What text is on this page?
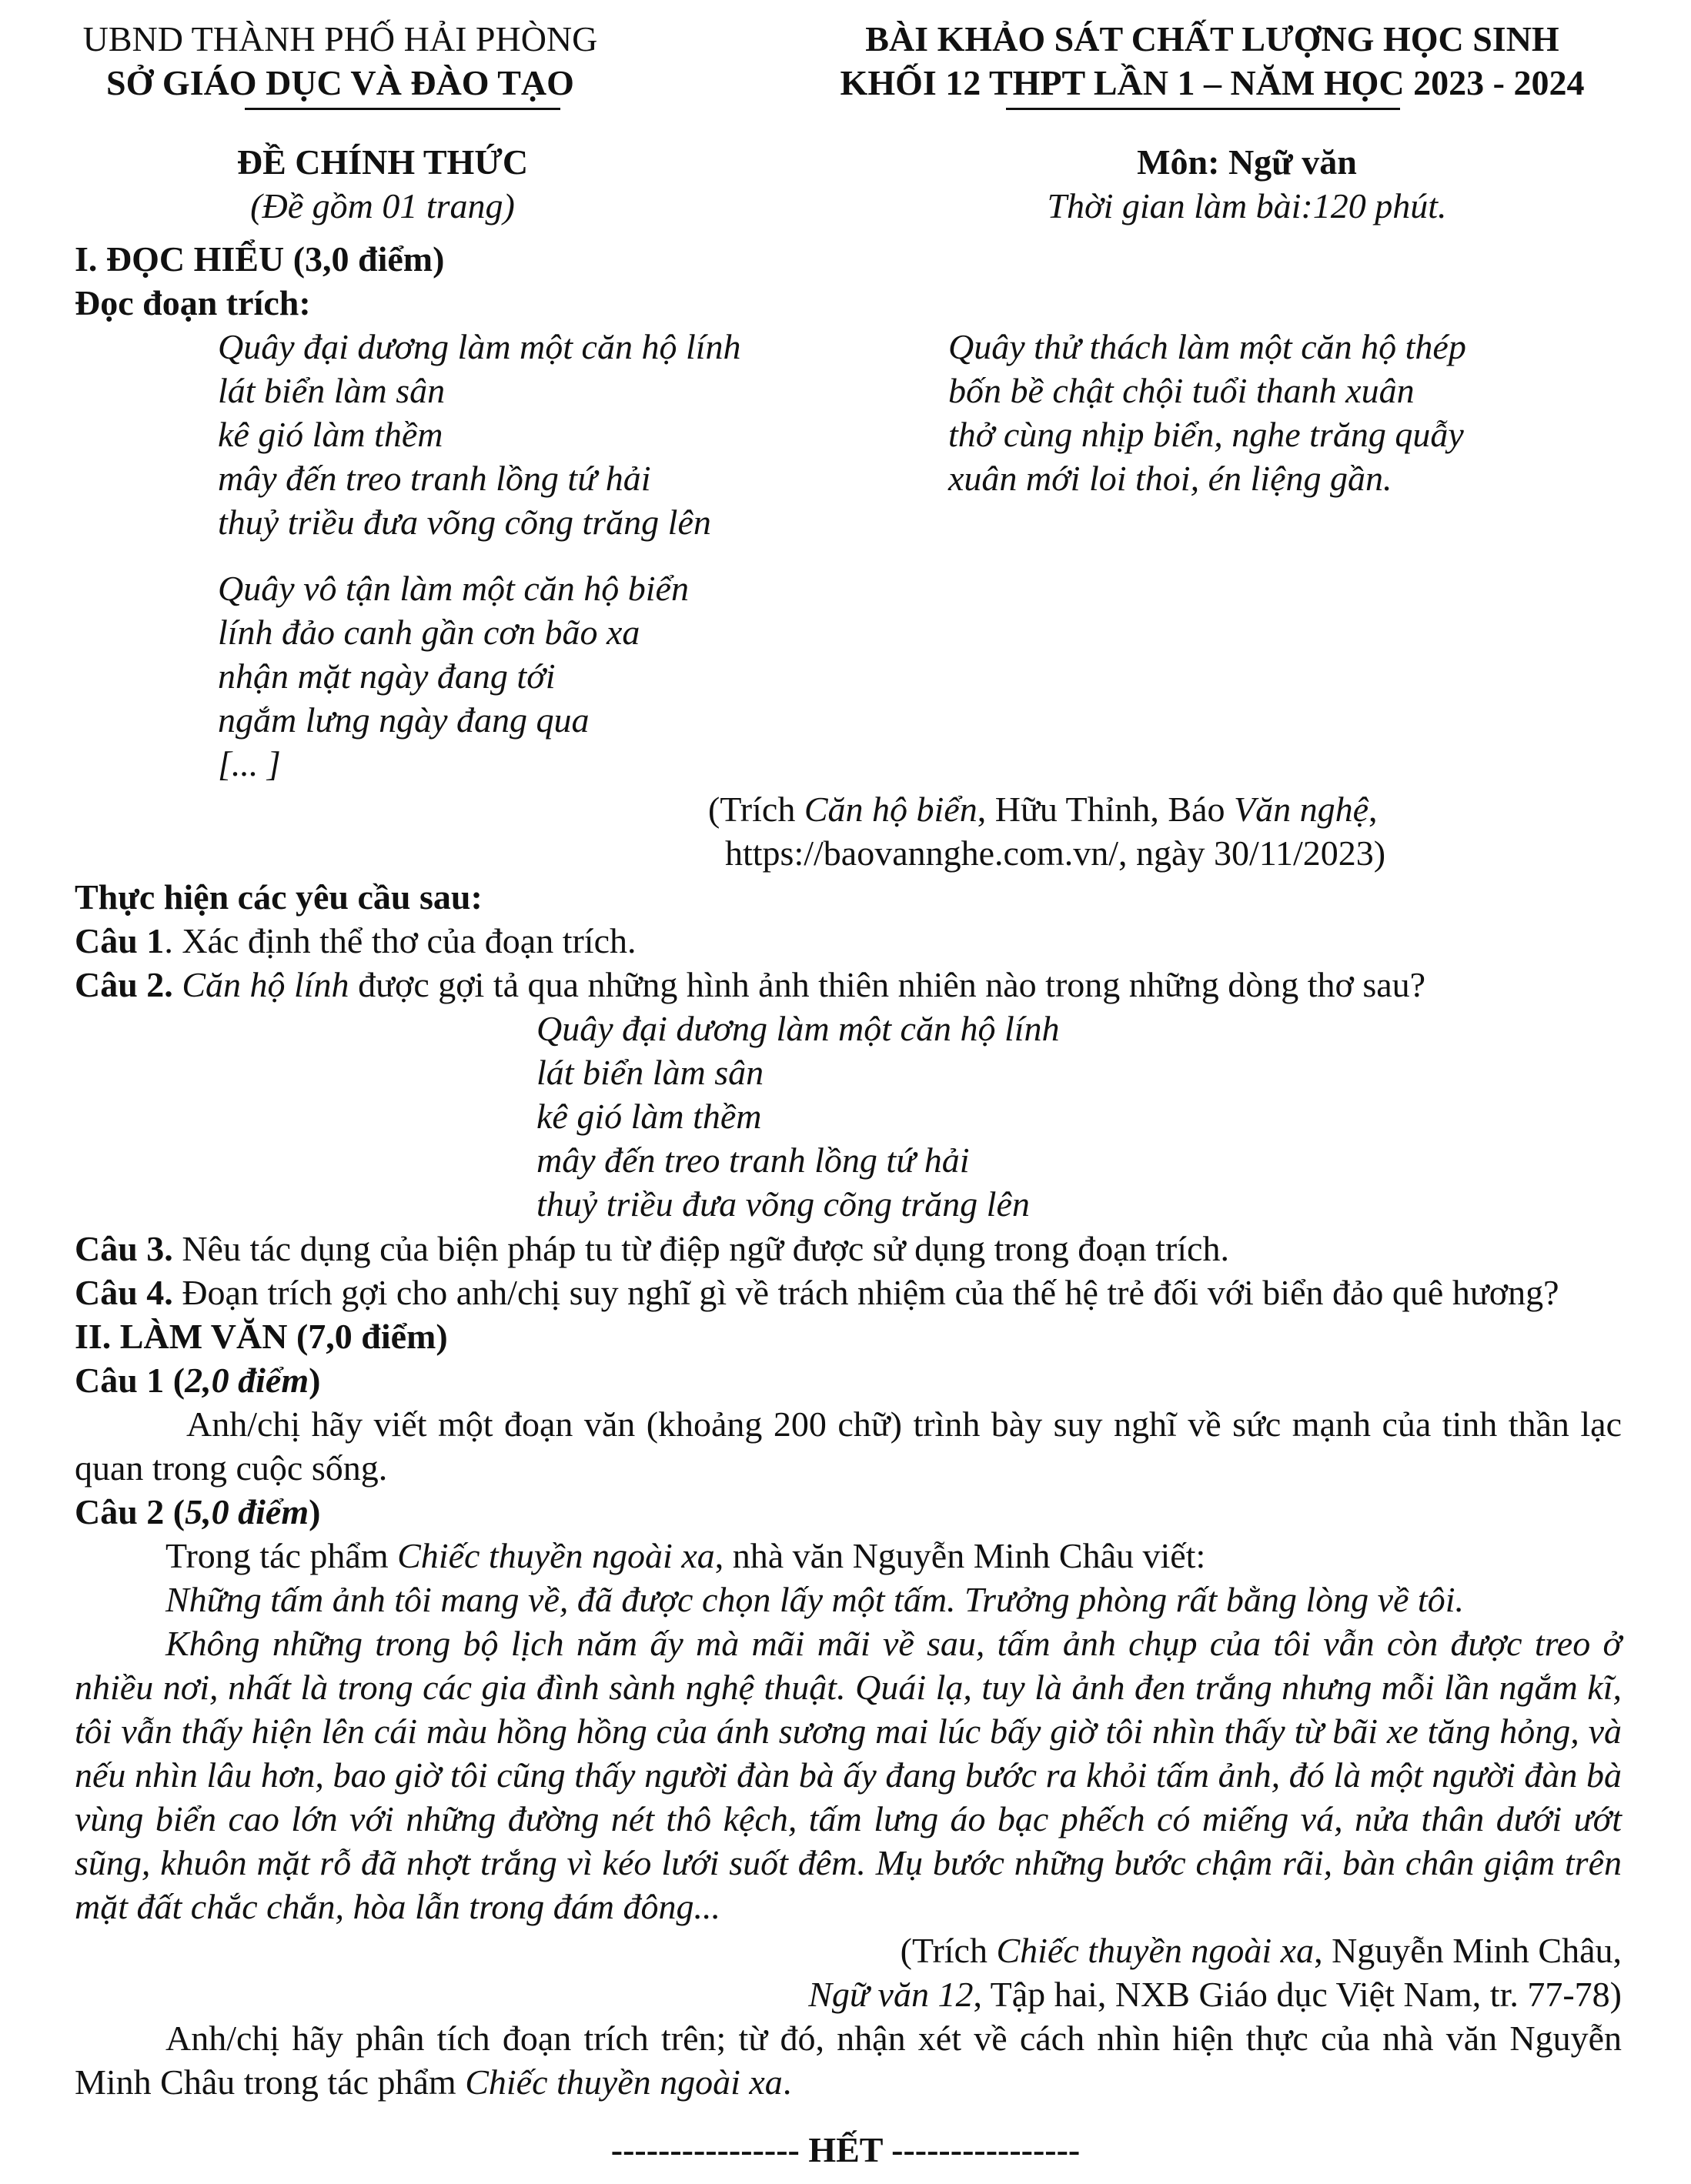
UBND THÀNH PHỐ HẢI PHÒNG
SỞ GIÁO DỤC VÀ ĐÀO TẠO
BÀI KHẢO SÁT CHẤT LƯỢNG HỌC SINH
KHỐI 12 THPT LẦN 1 – NĂM HỌC 2023 - 2024
ĐỀ CHÍNH THỨC
(Đề gồm 01 trang)
Môn: Ngữ văn
Thời gian làm bài:120 phút.
I. ĐỌC HIỂU (3,0 điểm)
Đọc đoạn trích:
Quây đại dương làm một căn hộ lính
lát biển làm sân
kê gió làm thềm
mây đến treo tranh lồng tứ hải
thuỷ triều đưa võng cõng trăng lên
Quây thử thách làm một căn hộ thép
bốn bề chật chội tuổi thanh xuân
thở cùng nhịp biển, nghe trăng quẫy
xuân mới loi thoi, én liệng gần.
Quây vô tận làm một căn hộ biển
lính đảo canh gần cơn bão xa
nhận mặt ngày đang tới
ngắm lưng ngày đang qua
[... ]
(Trích Căn hộ biển, Hữu Thỉnh, Báo Văn nghệ,
https://baovannghe.com.vn/, ngày 30/11/2023)
Thực hiện các yêu cầu sau:
Câu 1. Xác định thể thơ của đoạn trích.
Câu 2. Căn hộ lính được gợi tả qua những hình ảnh thiên nhiên nào trong những dòng thơ sau?
Quây đại dương làm một căn hộ lính
lát biển làm sân
kê gió làm thềm
mây đến treo tranh lồng tứ hải
thuỷ triều đưa võng cõng trăng lên
Câu 3. Nêu tác dụng của biện pháp tu từ điệp ngữ được sử dụng trong đoạn trích.
Câu 4. Đoạn trích gợi cho anh/chị suy nghĩ gì về trách nhiệm của thế hệ trẻ đối với biển đảo quê hương?
II. LÀM VĂN (7,0 điểm)
Câu 1 (2,0 điểm)
Anh/chị hãy viết một đoạn văn (khoảng 200 chữ) trình bày suy nghĩ về sức mạnh của tinh thần lạc quan trong cuộc sống.
Câu 2 (5,0 điểm)
Trong tác phẩm Chiếc thuyền ngoài xa, nhà văn Nguyễn Minh Châu viết:
Những tấm ảnh tôi mang về, đã được chọn lấy một tấm. Trưởng phòng rất bằng lòng về tôi.
Không những trong bộ lịch năm ấy mà mãi mãi về sau, tấm ảnh chụp của tôi vẫn còn được treo ở nhiều nơi, nhất là trong các gia đình sành nghệ thuật. Quái lạ, tuy là ảnh đen trắng nhưng mỗi lần ngắm kĩ, tôi vẫn thấy hiện lên cái màu hồng hồng của ánh sương mai lúc bấy giờ tôi nhìn thấy từ bãi xe tăng hỏng, và nếu nhìn lâu hơn, bao giờ tôi cũng thấy người đàn bà ấy đang bước ra khỏi tấm ảnh, đó là một người đàn bà vùng biển cao lớn với những đường nét thô kệch, tấm lưng áo bạc phếch có miếng vá, nửa thân dưới ướt sũng, khuôn mặt rỗ đã nhợt trắng vì kéo lưới suốt đêm. Mụ bước những bước chậm rãi, bàn chân giậm trên mặt đất chắc chắn, hòa lẫn trong đám đông...
(Trích Chiếc thuyền ngoài xa, Nguyễn Minh Châu,
Ngữ văn 12, Tập hai, NXB Giáo dục Việt Nam, tr. 77-78)
Anh/chị hãy phân tích đoạn trích trên; từ đó, nhận xét về cách nhìn hiện thực của nhà văn Nguyễn Minh Châu trong tác phẩm Chiếc thuyền ngoài xa.
---------------- HẾT ----------------
